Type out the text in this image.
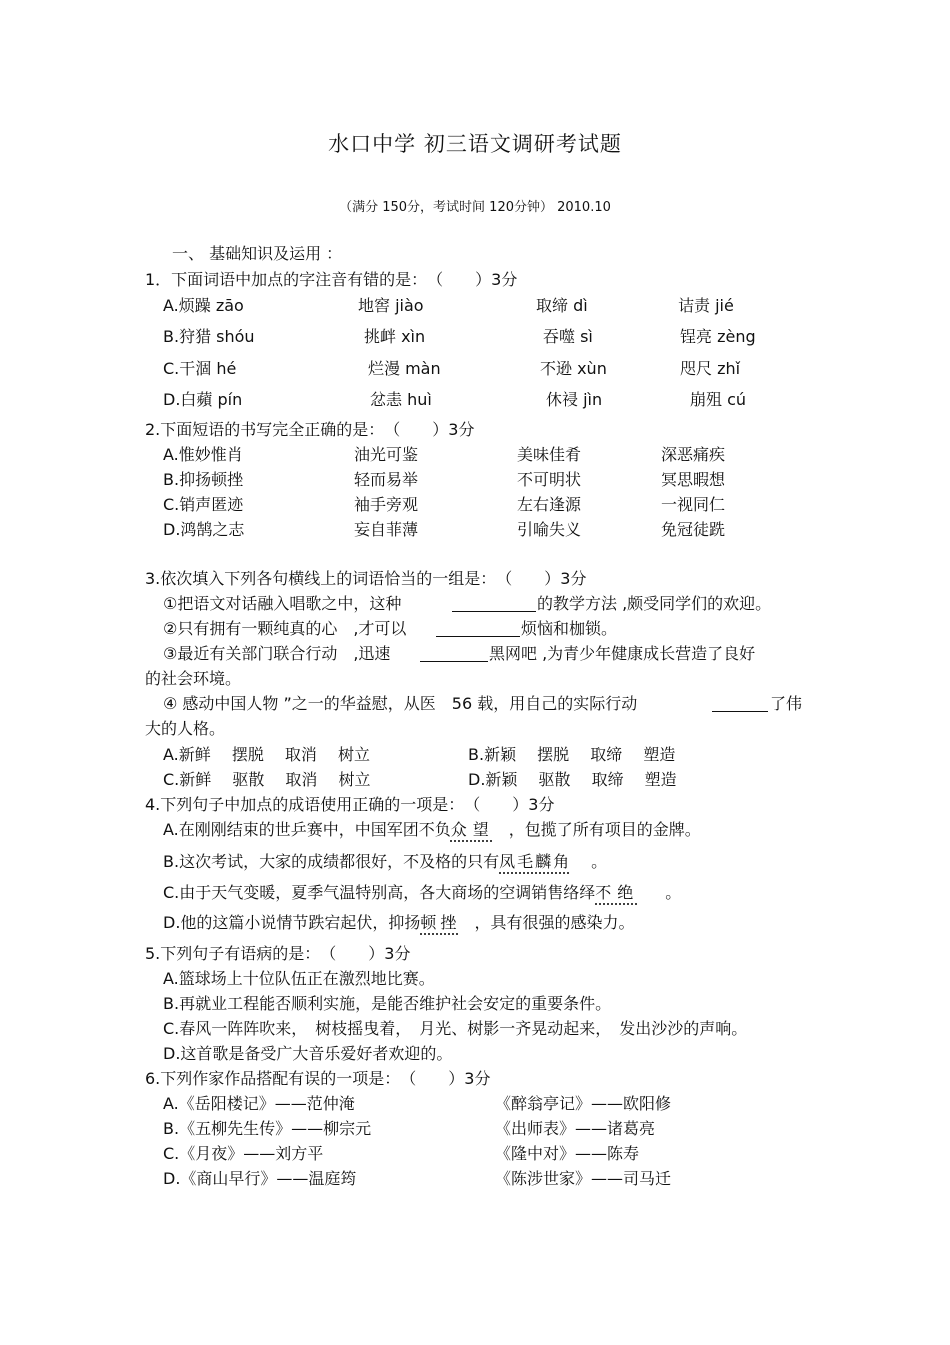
水口中学 初三语文调研考试题
（满分 150分，考试时间 120分钟） 2010.10
一、 基础知识及运用 ：
1．下面词语中加点的字注音有错的是：　（　　）3分
A.烦躁 zāo	地窖 jiào	取缔 dì	诘责 jié
B.狩猎 shóu	挑衅 xìn	吞噬 sì	锃亮 zèng
C.干涸 hé	烂漫 màn	不逊 xùn	咫尺 zhǐ
D.白蘋 pín	忿恚 huì	休祲 jìn	崩殂 cú
2.下面短语的书写完全正确的是：　（　　）3分
A.惟妙惟肖	油光可鉴	美味佳肴	深恶痛疾
B.抑扬顿挫	轻而易举	不可明状	冥思暇想
C.销声匿迹	袖手旁观	左右逢源	一视同仁
D.鸿鹄之志	妄自菲薄	引喻失义	免冠徒跣
3.依次填入下列各句横线上的词语恰当的一组是：　（　　）3分
①把语文对话融入唱歌之中，这种	的教学方法 ,颇受同学们的欢迎。
②只有拥有一颗纯真的心　,才可以	烦恼和枷锁。
③最近有关部门联合行动　,迅速	黑网吧 ,为青少年健康成长营造了良好
的社会环境。
④ 感动中国人物 ”之一的华益慰，从医　56 载，用自己的实际行动	了伟
大的人格。
A.新鲜　 摆脱　 取消　 树立	B.新颖　 摆脱　 取缔　 塑造
C.新鲜　 驱散　 取消　 树立	D.新颖　 驱散　 取缔　 塑造
4.下列句子中加点的成语使用正确的一项是：　（　　）3分
A.在刚刚结束的世乒赛中，中国军团不负众望 ，包揽了所有项目的金牌。
B.这次考试，大家的成绩都很好，不及格的只有凤毛麟角 。
C.由于天气变暖，夏季气温特别高，各大商场的空调销售络绎不绝 。
D.他的这篇小说情节跌宕起伏，抑扬顿挫 ，具有很强的感染力。
5.下列句子有语病的是：　（　　）3分
A.篮球场上十位队伍正在激烈地比赛。
B.再就业工程能否顺利实施，是能否维护社会安定的重要条件。
C.春风一阵阵吹来，　树枝摇曳着，　月光、树影一齐晃动起来，　发出沙沙的声响。
D.这首歌是备受广大音乐爱好者欢迎的。
6.下列作家作品搭配有误的一项是：　（　　）3分
A.《岳阳楼记》——范仲淹	《醉翁亭记》——欧阳修
B.《五柳先生传》——柳宗元	《出师表》——诸葛亮
C.《月夜》——刘方平	《隆中对》——陈寿
D.《商山早行》——温庭筠	《陈涉世家》——司马迁
